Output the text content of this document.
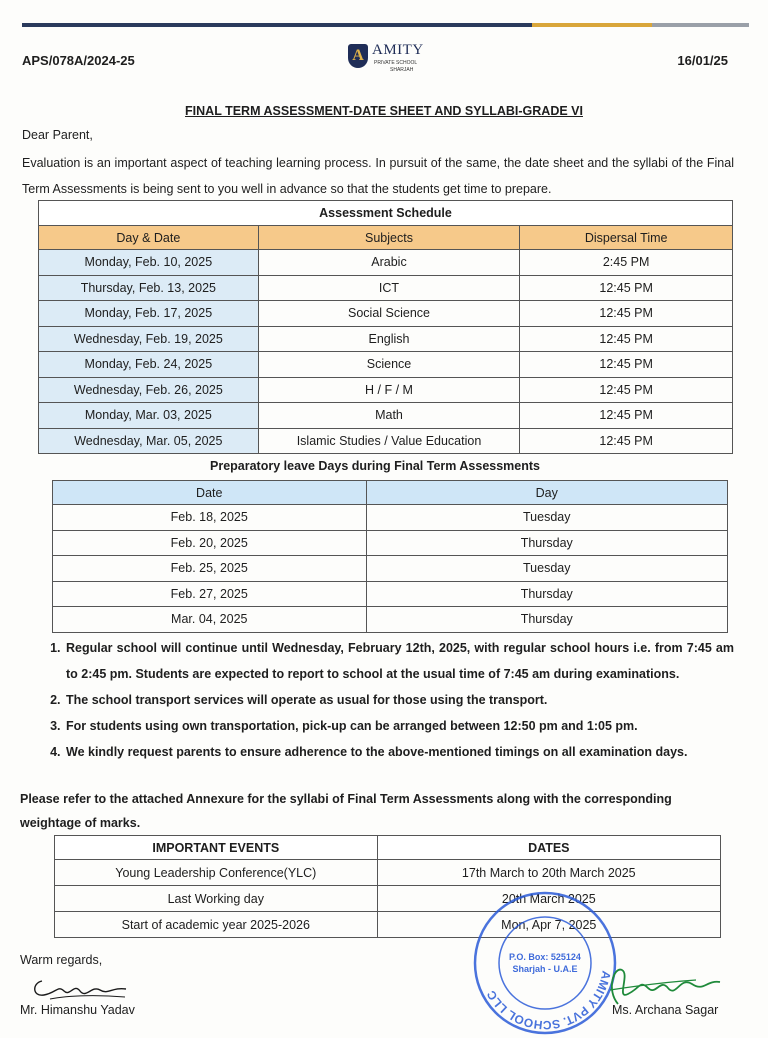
APS/078A/2024-25	A AMITY
PRIVATE SCHOOL
SHARJAH
16/01/25
FINAL TERM ASSESSMENT-DATE SHEET AND SYLLABI-GRADE VI
Dear Parent,
Evaluation is an important aspect of teaching learning process. In pursuit of the same, the date sheet and the syllabi of the Final Term Assessments is being sent to you well in advance so that the students get time to prepare.
Assessment Schedule		
Day & Date	Subjects	Dispersal Time
Monday, Feb. 10, 2025	Arabic	2:45 PM
Thursday, Feb. 13, 2025	ICT	12:45 PM
Monday, Feb. 17, 2025	Social Science	12:45 PM
Wednesday, Feb. 19, 2025	English	12:45 PM
Monday, Feb. 24, 2025	Science	12:45 PM
Wednesday, Feb. 26, 2025	H / F / M	12:45 PM
Monday, Mar. 03, 2025	Math	12:45 PM
Wednesday, Mar. 05, 2025	Islamic Studies / Value Education	12:45 PM
Preparatory leave Days during Final Term Assessments
Date	Day
Feb. 18, 2025	Tuesday
Feb. 20, 2025	Thursday
Feb. 25, 2025	Tuesday
Feb. 27, 2025	Thursday
Mar. 04, 2025	Thursday
1. Regular school will continue until Wednesday, February 12th, 2025, with regular school hours i.e. from 7:45 am to 2:45 pm. Students are expected to report to school at the usual time of 7:45 am during examinations.
2. The school transport services will operate as usual for those using the transport.
3. For students using own transportation, pick-up can be arranged between 12:50 pm and 1:05 pm.
4. We kindly request parents to ensure adherence to the above-mentioned timings on all examination days.
Please refer to the attached Annexure for the syllabi of Final Term Assessments along with the corresponding weightage of marks.
IMPORTANT EVENTS	DATES
Young Leadership Conference(YLC)	17th March to 20th March 2025
Last Working day	20th March 2025
Start of academic year 2025-2026	Mon, Apr 7, 2025
AMITY PVT. SCHOOL LLC
P.O. Box: 525124
Sharjah - U.A.E
Warm regards,
Mr. Himanshu Yadav	Ms. Archana Sagar
